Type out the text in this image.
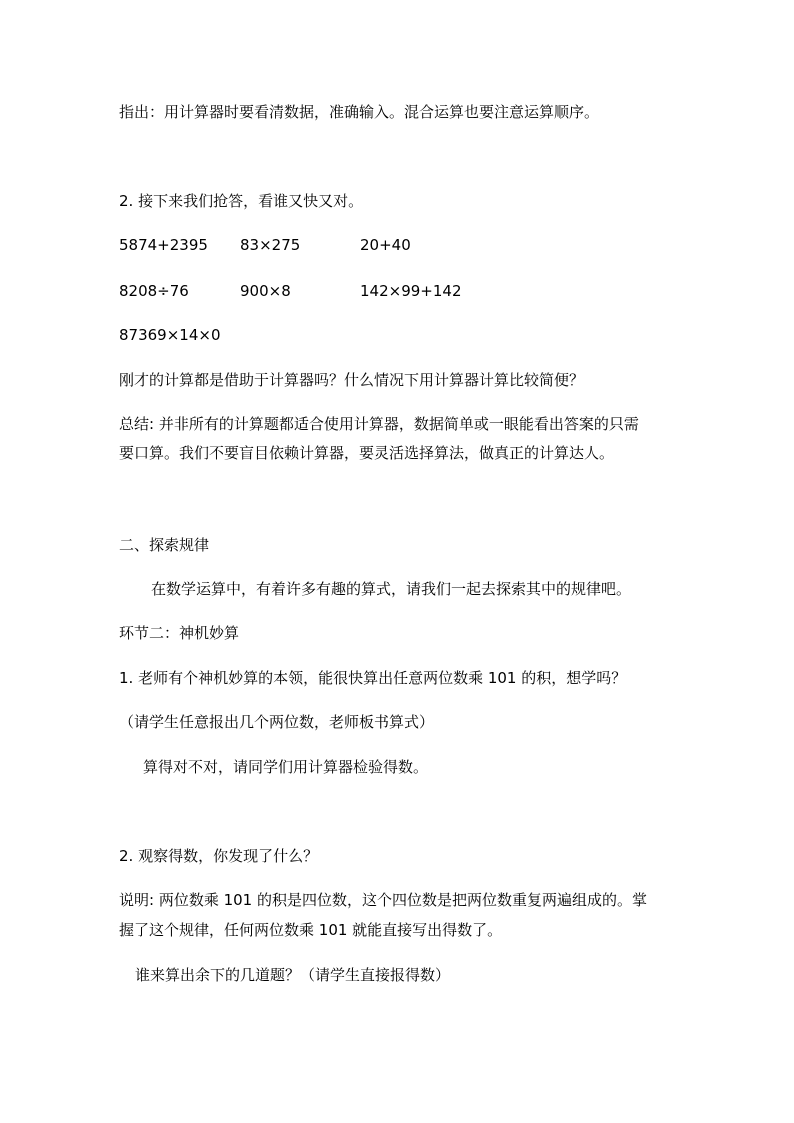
指出：用计算器时要看清数据，准确输入。混合运算也要注意运算顺序。
2. 接下来我们抢答，看谁又快又对。
5874+2395 83×275	20+40
8208÷76	900×8	142×99+142
87369×14×0
刚才的计算都是借助于计算器吗？什么情况下用计算器计算比较简便？
总结: 并非所有的计算题都适合使用计算器，数据简单或一眼能看出答案的只需
要口算。我们不要盲目依赖计算器，要灵活选择算法，做真正的计算达人。
二、探索规律
在数学运算中，有着许多有趣的算式，请我们一起去探索其中的规律吧。
环节二：神机妙算
1. 老师有个神机妙算的本领，能很快算出任意两位数乘 101 的积，想学吗？
（请学生任意报出几个两位数，老师板书算式）
算得对不对，请同学们用计算器检验得数。
2. 观察得数，你发现了什么？
说明: 两位数乘 101 的积是四位数，这个四位数是把两位数重复两遍组成的。掌
握了这个规律，任何两位数乘 101 就能直接写出得数了。
谁来算出余下的几道题？（请学生直接报得数）
